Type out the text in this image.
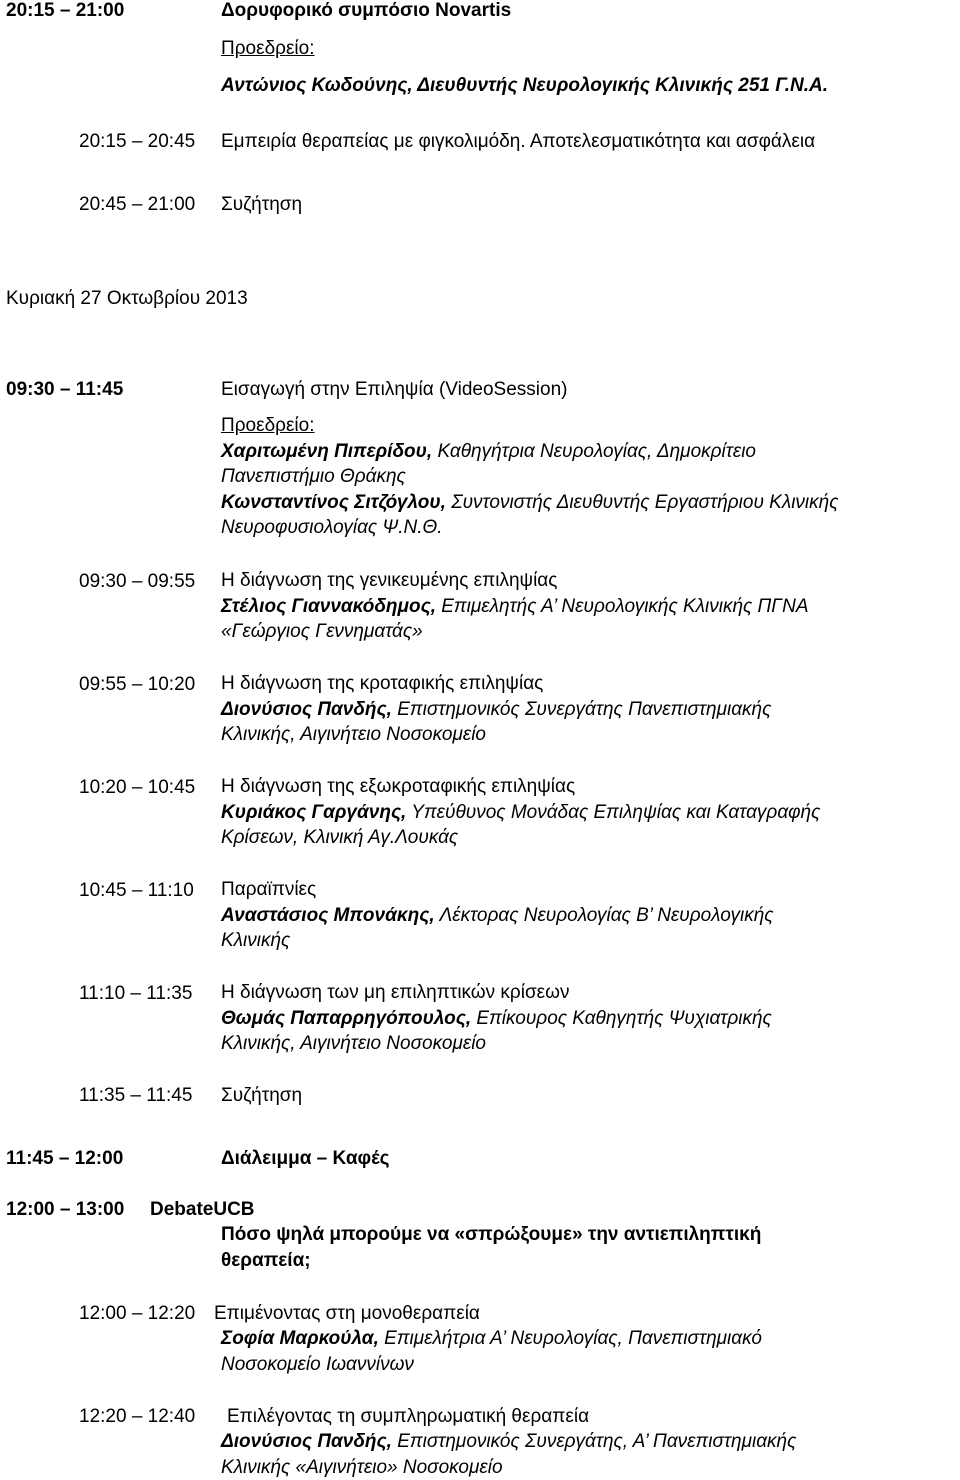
20:15 – 21:00	Δορυφορικό συμπόσιο Novartis
Προεδρείο:
Αντώνιος Κωδούνης, Διευθυντής Νευρολογικής Κλινικής 251 Γ.Ν.Α.
20:15 – 20:45 Εμπειρία θεραπείας με φιγκολιμόδη. Αποτελεσματικότητα και ασφάλεια
20:45 – 21:00 Συζήτηση
Κυριακή 27 Οκτωβρίου 2013
09:30 – 11:45	Εισαγωγή στην Επιληψία (VideoSession)
Προεδρείο:
Χαριτωμένη Πιπερίδου, Καθηγήτρια Νευρολογίας, Δημοκρίτειο
Πανεπιστήμιο Θράκης
Κωνσταντίνος Σιτζόγλου, Συντονιστής Διευθυντής Εργαστήριου Κλινικής
Νευροφυσιολογίας Ψ.Ν.Θ.
09:30 – 09:55 Η διάγνωση της γενικευμένης επιληψίας
Στέλιος Γιαννακόδημος, Επιμελητής Α’ Νευρολογικής Κλινικής ΠΓΝΑ
«Γεώργιος Γεννηματάς»
09:55 – 10:20 Η διάγνωση της κροταφικής επιληψίας
Διονύσιος Πανδής, Επιστημονικός Συνεργάτης Πανεπιστημιακής
Κλινικής, Αιγινήτειο Νοσοκομείο
10:20 – 10:45 Η διάγνωση της εξωκροταφικής επιληψίας
Κυριάκος Γαργάνης, Υπεύθυνος Μονάδας Επιληψίας και Καταγραφής
Κρίσεων, Κλινική Αγ.Λουκάς
10:45 – 11:10 Παραϊπνίες
Αναστάσιος Μπονάκης, Λέκτορας Νευρολογίας Β’ Νευρολογικής
Κλινικής
11:10 – 11:35 Η διάγνωση των μη επιληπτικών κρίσεων
Θωμάς Παπαρρηγόπουλος, Επίκουρος Καθηγητής Ψυχιατρικής
Κλινικής, Αιγινήτειο Νοσοκομείο
11:35 – 11:45 Συζήτηση
11:45 – 12:00	Διάλειμμα – Καφές
12:00 – 13:00 DebateUCB
Πόσο ψηλά μπορούμε να «σπρώξουμε» την αντιεπιληπτική
θεραπεία;
12:00 – 12:20 Επιμένοντας στη μονοθεραπεία
Σοφία Μαρκούλα, Επιμελήτρια Α’ Νευρολογίας, Πανεπιστημιακό
Νοσοκομείο Ιωαννίνων
12:20 – 12:40 Επιλέγοντας τη συμπληρωματική θεραπεία
Διονύσιος Πανδής, Επιστημονικός Συνεργάτης, Α’ Πανεπιστημιακής
Κλινικής «Αιγινήτειο» Νοσοκομείο
